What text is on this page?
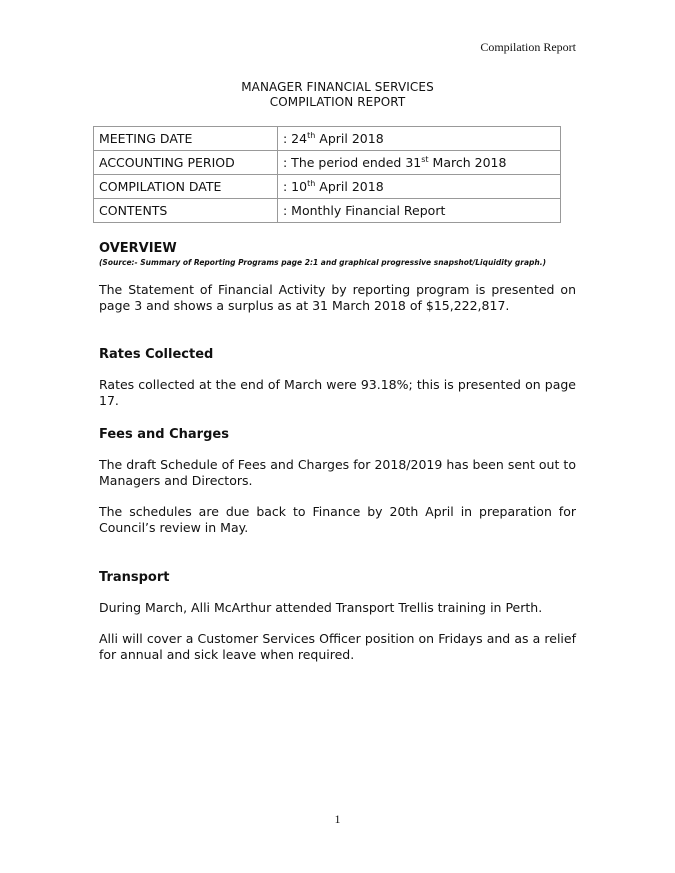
Compilation Report
MANAGER FINANCIAL SERVICES
COMPILATION REPORT
MEETING DATE	: 24th April 2018
ACCOUNTING PERIOD	: The period ended 31st March 2018
COMPILATION DATE	: 10th April 2018
CONTENTS	: Monthly Financial Report
OVERVIEW
(Source:- Summary of Reporting Programs page 2:1 and graphical progressive snapshot/Liquidity graph.)

The Statement of Financial Activity by reporting program is presented on page 3 and shows a surplus as at 31 March 2018 of $15,222,817.

Rates Collected

Rates collected at the end of March were 93.18%; this is presented on page 17.

Fees and Charges

The draft Schedule of Fees and Charges for 2018/2019 has been sent out to Managers and Directors.

The schedules are due back to Finance by 20th April in preparation for Council’s review in May.

Transport

During March, Alli McArthur attended Transport Trellis training in Perth.

Alli will cover a Customer Services Officer position on Fridays and as a relief for annual and sick leave when required.

1
